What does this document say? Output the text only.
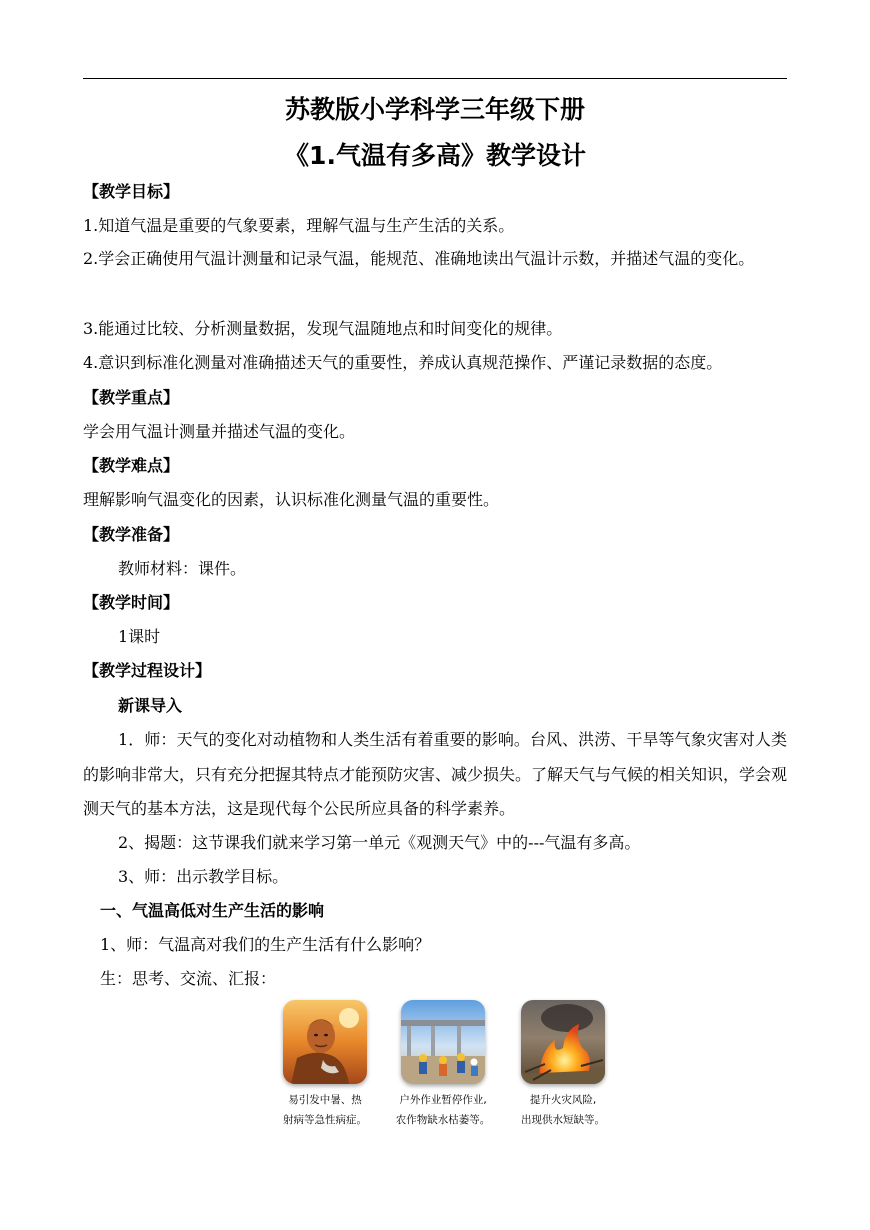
苏教版小学科学三年级下册
《1.气温有多高》教学设计
【教学目标】
1.知道气温是重要的气象要素，理解气温与生产生活的关系。
2.学会正确使用气温计测量和记录气温，能规范、准确地读出气温计示数，并描述气温的变化。
3.能通过比较、分析测量数据，发现气温随地点和时间变化的规律。
4.意识到标准化测量对准确描述天气的重要性，养成认真规范操作、严谨记录数据的态度。
【教学重点】
学会用气温计测量并描述气温的变化。
【教学难点】
理解影响气温变化的因素，认识标准化测量气温的重要性。
【教学准备】
教师材料：课件。
【教学时间】
1课时
【教学过程设计】
新课导入
1．师：天气的变化对动植物和人类生活有着重要的影响。台风、洪涝、干旱等气象灾害对人类的影响非常大，只有充分把握其特点才能预防灾害、减少损失。了解天气与气候的相关知识，学会观测天气的基本方法，这是现代每个公民所应具备的科学素养。
2、揭题：这节课我们就来学习第一单元《观测天气》中的---气温有多高。
3、师：出示教学目标。
一、气温高低对生产生活的影响
1、师：气温高对我们的生产生活有什么影响？
生：思考、交流、汇报：
易引发中暑、热
射病等急性病症。
户外作业暂停作业,
农作物缺水枯萎等。
提升火灾风险,
出现供水短缺等。
